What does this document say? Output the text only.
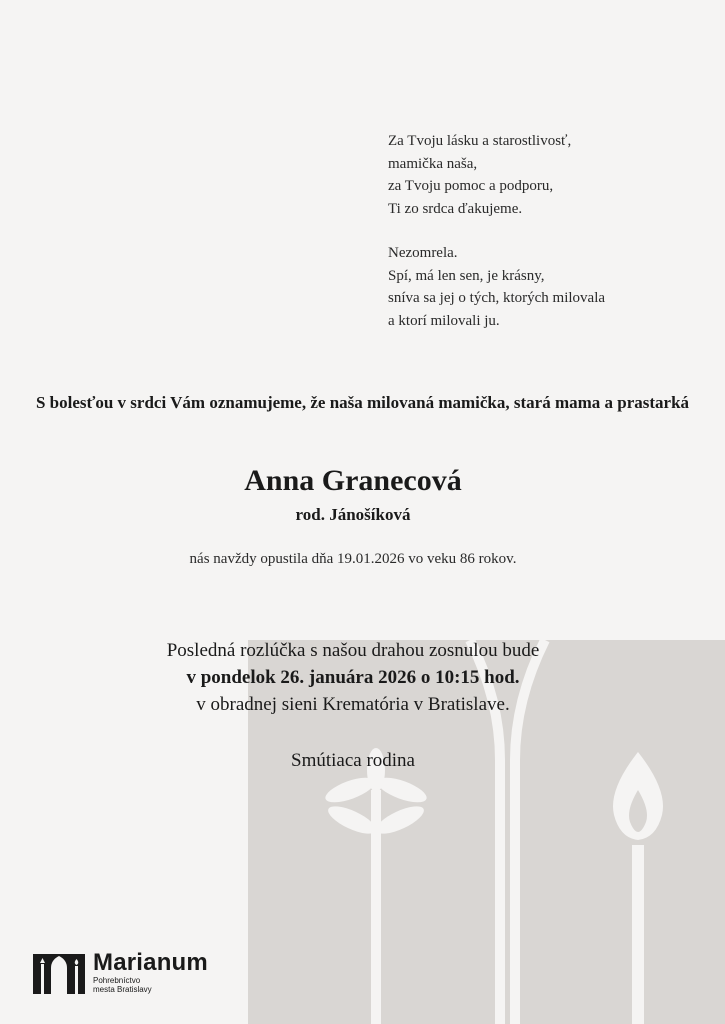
Za Tvoju lásku a starostlivosť,
mamička naša,
za Tvoju pomoc a podporu,
Ti zo srdca ďakujeme.
Nezomrela.
Spí, má len sen, je krásny,
sníva sa jej o tých, ktorých milovala
a ktorí milovali ju.
S bolesťou v srdci Vám oznamujeme, že naša milovaná mamička, stará mama a prastarká
Anna Granecová
rod. Jánošíková
nás navždy opustila dňa 19.01.2026 vo veku 86 rokov.
Posledná rozlúčka s našou drahou zosnulou bude
v pondelok 26. januára 2026 o 10:15 hod.
v obradnej sieni Krematória v Bratislave.
Smútiaca rodina
Marianum
Pohrebníctvo
mesta Bratislavy
